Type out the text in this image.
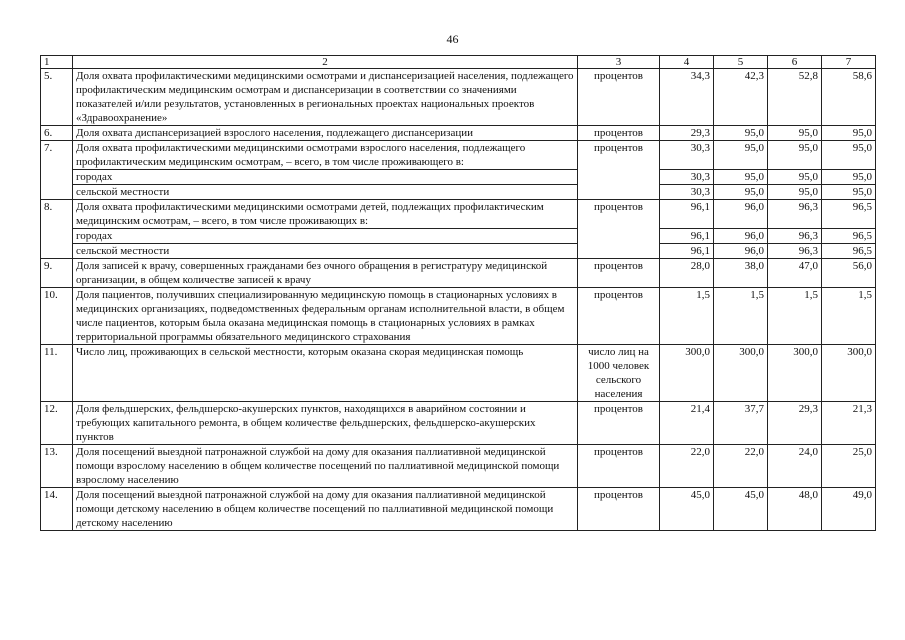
46
1	2	3	4	5	6	7
5.	Доля охвата профилактическими медицинскими осмотрами и диспансеризацией населения, подлежащего профилактическим медицинским осмотрам и диспансеризации в соответствии со значениями показателей и/или результатов, установленных в региональных проектах национальных проектов «Здравоохранение»	процентов	34,3	42,3	52,8	58,6
6.	Доля охвата диспансеризацией взрослого населения, подлежащего диспансеризации	процентов	29,3	95,0	95,0	95,0
7.	Доля охвата профилактическими медицинскими осмотрами взрослого населения, подлежащего профилактическим медицинским осмотрам, – всего, в том числе проживающего в:	процентов	30,3	95,0	95,0	95,0
	городах		30,3	95,0	95,0	95,0
	сельской местности		30,3	95,0	95,0	95,0
8.	Доля охвата профилактическими медицинскими осмотрами детей, подлежащих профилактическим медицинским осмотрам, – всего, в том числе проживающих в:	процентов	96,1	96,0	96,3	96,5
	городах		96,1	96,0	96,3	96,5
	сельской местности		96,1	96,0	96,3	96,5
9.	Доля записей к врачу, совершенных гражданами без очного обращения в регистратуру медицинской организации, в общем количестве записей к врачу	процентов	28,0	38,0	47,0	56,0
10.	Доля пациентов, получивших специализированную медицинскую помощь в стационарных условиях в медицинских организациях, подведомственных федеральным органам исполнительной власти, в общем числе пациентов, которым была оказана медицинская помощь в стационарных условиях в рамках территориальной программы обязательного медицинского страхования	процентов	1,5	1,5	1,5	1,5
11.	Число лиц, проживающих в сельской местности, которым оказана скорая медицинская помощь	число лиц на 1000 человек сельского населения	300,0	300,0	300,0	300,0
12.	Доля фельдшерских, фельдшерско-акушерских пунктов, находящихся в аварийном состоянии и требующих капитального ремонта, в общем количестве фельдшерских, фельдшерско-акушерских пунктов	процентов	21,4	37,7	29,3	21,3
13.	Доля посещений выездной патронажной службой на дому для оказания паллиативной медицинской помощи взрослому населению в общем количестве посещений по паллиативной медицинской помощи взрослому населению	процентов	22,0	22,0	24,0	25,0
14.	Доля посещений выездной патронажной службой на дому для оказания паллиативной медицинской помощи детскому населению в общем количестве посещений по паллиативной медицинской помощи детскому населению	процентов	45,0	45,0	48,0	49,0
